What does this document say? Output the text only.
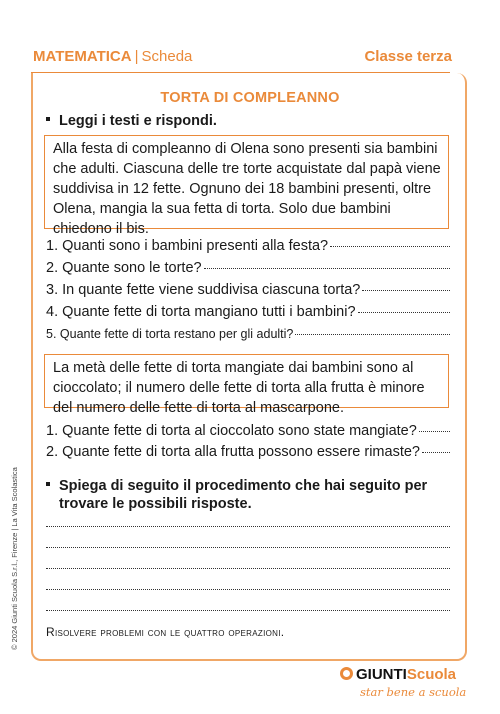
MATEMATICA | Scheda	Classe terza
TORTA DI COMPLEANNO
Leggi i testi e rispondi.
Alla festa di compleanno di Olena sono presenti sia bambini che adulti. Ciascuna delle tre torte acquistate dal papà viene suddivisa in 12 fette. Ognuno dei 18 bambini presenti, oltre Olena, mangia la sua fetta di torta. Solo due bambini chiedono il bis.
1. Quanti sono i bambini presenti alla festa?
2. Quante sono le torte?
3. In quante fette viene suddivisa ciascuna torta?
4. Quante fette di torta mangiano tutti i bambini?
5. Quante fette di torta restano per gli adulti?
La metà delle fette di torta mangiate dai bambini sono al cioccolato; il numero delle fette di torta alla frutta è minore del numero delle fette di torta al mascarpone.
1. Quante fette di torta al cioccolato sono state mangiate?
2. Quante fette di torta alla frutta possono essere rimaste?
Spiega di seguito il procedimento che hai seguito per
trovare le possibili risposte.
Risolvere problemi con le quattro operazioni.
© 2024 Giunti Scuola S.r.l., Firenze | La Vita Scolastica
GIUNTIScuola
star bene a scuola
